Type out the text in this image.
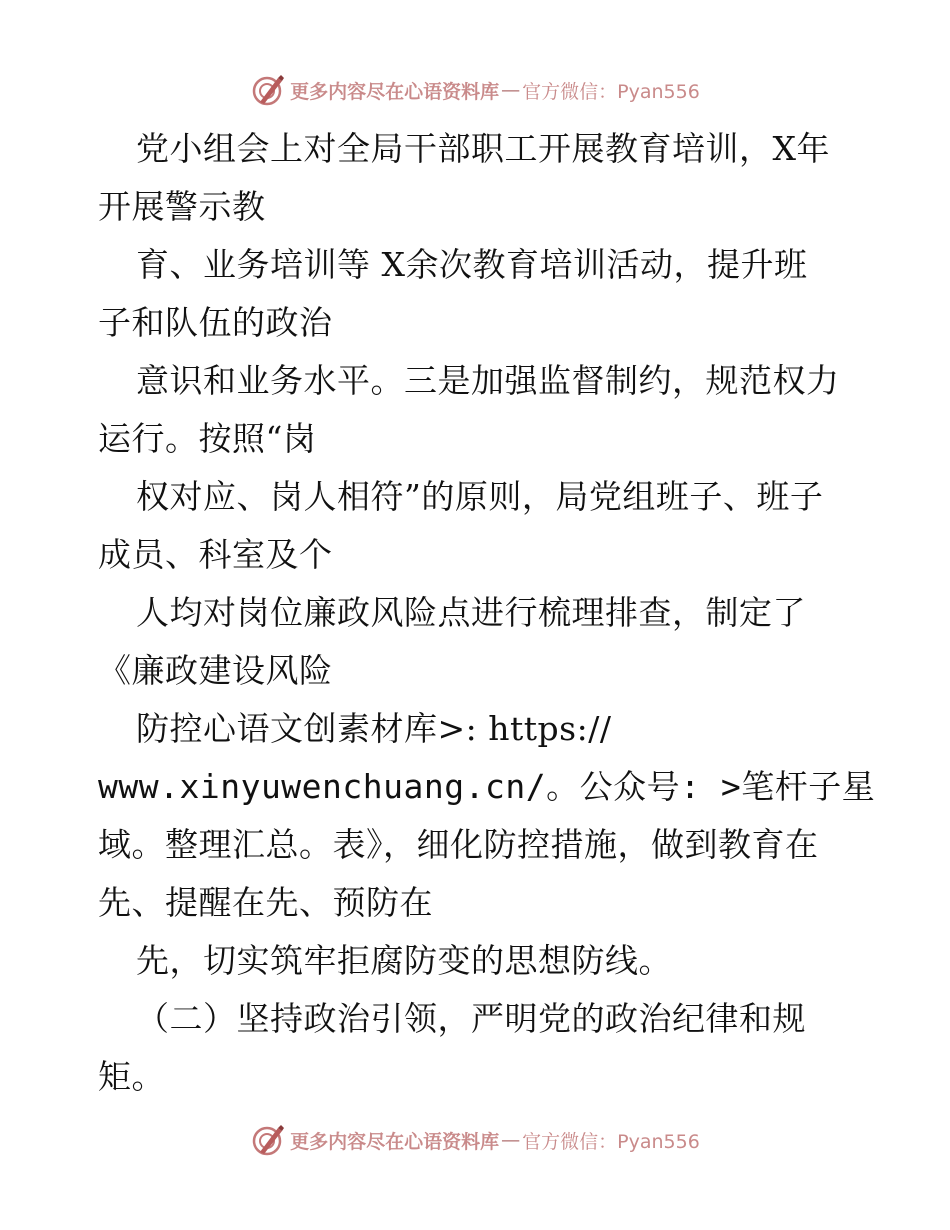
更多内容尽在心语资料库 — 官方微信：Pyan556
党小组会上对全局干部职工开展教育培训，X年
开展警示教
育、业务培训等 X余次教育培训活动，提升班
子和队伍的政治
意识和业务水平。三是加强监督制约，规范权力
运行。按照“岗
权对应、岗人相符”的原则，局党组班子、班子
成员、科室及个
人均对岗位廉政风险点进行梳理排查，制定了
《廉政建设风险
防控心语文创素材库>: https://
www.xinyuwenchuang.cn/。公众号: >笔杆子星
域。整理汇总。表》，细化防控措施，做到教育在
先、提醒在先、预防在
先，切实筑牢拒腐防变的思想防线。
（二）坚持政治引领，严明党的政治纪律和规
矩。
更多内容尽在心语资料库 — 官方微信：Pyan556
